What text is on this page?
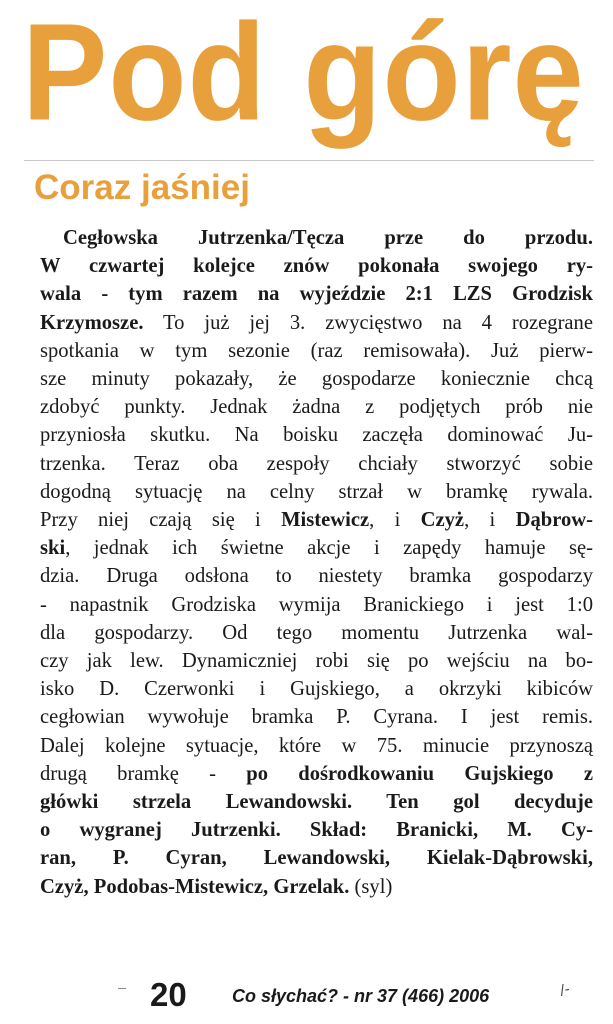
Pod górę
Coraz jaśniej
Cegłowska Jutrzenka/Tęcza prze do przodu.
W czwartej kolejce znów pokonała swojego ry-
wala - tym razem na wyjeździe 2:1 LZS Grodzisk
Krzymosze. To już jej 3. zwycięstwo na 4 rozegrane
spotkania w tym sezonie (raz remisowała). Już pierw-
sze minuty pokazały, że gospodarze koniecznie chcą
zdobyć punkty. Jednak żadna z podjętych prób nie
przyniosła skutku. Na boisku zaczęła dominować Ju-
trzenka. Teraz oba zespoły chciały stworzyć sobie
dogodną sytuację na celny strzał w bramkę rywala.
Przy niej czają się i Mistewicz, i Czyż, i Dąbrow-
ski, jednak ich świetne akcje i zapędy hamuje sę-
dzia. Druga odsłona to niestety bramka gospodarzy
- napastnik Grodziska wymija Branickiego i jest 1:0
dla gospodarzy. Od tego momentu Jutrzenka wal-
czy jak lew. Dynamiczniej robi się po wejściu na bo-
isko D. Czerwonki i Gujskiego, a okrzyki kibiców
cegłowian wywołuje bramka P. Cyrana. I jest remis.
Dalej kolejne sytuacje, które w 75. minucie przynoszą
drugą bramkę - po dośrodkowaniu Gujskiego z
główki strzela Lewandowski. Ten gol decyduje
o wygranej Jutrzenki. Skład: Branicki, M. Cy-
ran, P. Cyran, Lewandowski, Kielak-Dąbrowski,
Czyż, Podobas-Mistewicz, Grzelak. (syl)
20	Co słychać? - nr 37 (466) 2006	/-
